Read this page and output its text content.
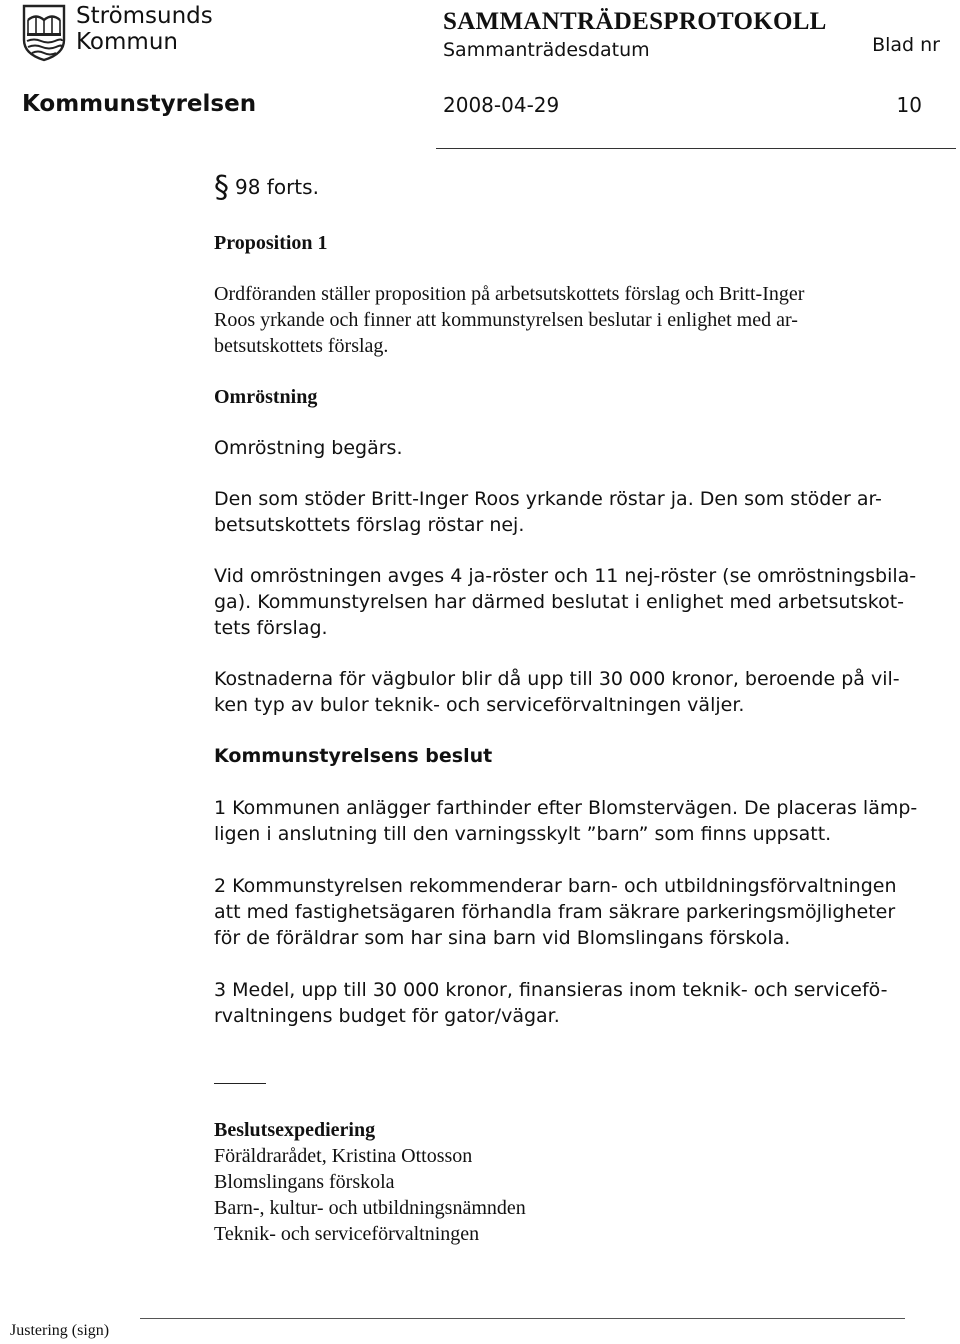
Strömsunds
Kommun
SAMMANTRÄDESPROTOKOLL
Sammanträdesdatum	Blad nr
Kommunstyrelsen	2008-04-29	10

§ 98 forts.

Proposition 1

Ordföranden ställer proposition på arbetsutskottets förslag och Britt-Inger
Roos yrkande och finner att kommunstyrelsen beslutar i enlighet med ar-
betsutskottets förslag.

Omröstning

Omröstning begärs.

Den som stöder Britt-Inger Roos yrkande röstar ja. Den som stöder ar-
betsutskottets förslag röstar nej.

Vid omröstningen avges 4 ja-röster och 11 nej-röster (se omröstningsbila-
ga). Kommunstyrelsen har därmed beslutat i enlighet med arbetsutskot-
tets förslag.

Kostnaderna för vägbulor blir då upp till 30 000 kronor, beroende på vil-
ken typ av bulor teknik- och serviceförvaltningen väljer.

Kommunstyrelsens beslut

1 Kommunen anlägger farthinder efter Blomstervägen. De placeras lämp-
ligen i anslutning till den varningsskylt ”barn” som finns uppsatt.

2 Kommunstyrelsen rekommenderar barn- och utbildningsförvaltningen
att med fastighetsägaren förhandla fram säkrare parkeringsmöjligheter
för de föräldrar som har sina barn vid Blomslingans förskola.

3 Medel, upp till 30 000 kronor, finansieras inom teknik- och servicefö-
rvaltningens budget för gator/vägar.

Beslutsexpediering

Föräldrarådet, Kristina Ottosson
Blomslingans förskola
Barn-, kultur- och utbildningsnämnden
Teknik- och serviceförvaltningen

Justering (sign)
